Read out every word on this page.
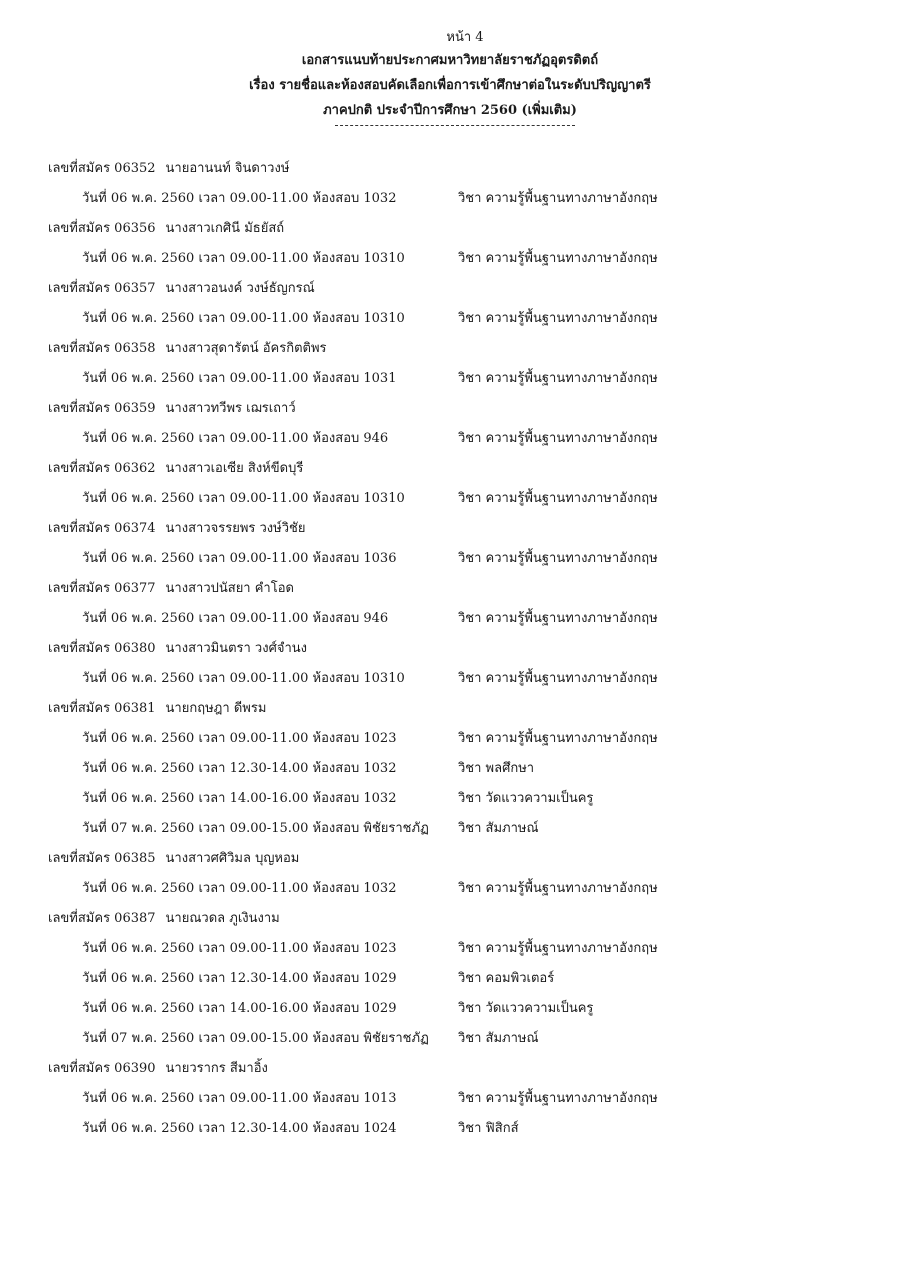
หน้า 4
เอกสารแนบท้ายประกาศมหาวิทยาลัยราชภัฏอุตรดิตถ์
เรื่อง รายชื่อและห้องสอบคัดเลือกเพื่อการเข้าศึกษาต่อในระดับปริญญาตรี
ภาคปกติ ประจำปีการศึกษา 2560 (เพิ่มเติม)
เลขที่สมัคร 06352 นายอานนท์ จินดาวงษ์
วันที่ 06 พ.ค. 2560 เวลา 09.00-11.00 ห้องสอบ 1032	วิชา ความรู้พื้นฐานทางภาษาอังกฤษ
เลขที่สมัคร 06356 นางสาวเกศินี มัธยัสถ์
วันที่ 06 พ.ค. 2560 เวลา 09.00-11.00 ห้องสอบ 10310	วิชา ความรู้พื้นฐานทางภาษาอังกฤษ
เลขที่สมัคร 06357 นางสาวอนงค์ วงษ์ธัญกรณ์
วันที่ 06 พ.ค. 2560 เวลา 09.00-11.00 ห้องสอบ 10310	วิชา ความรู้พื้นฐานทางภาษาอังกฤษ
เลขที่สมัคร 06358 นางสาวสุดารัตน์ อัครกิตติพร
วันที่ 06 พ.ค. 2560 เวลา 09.00-11.00 ห้องสอบ 1031	วิชา ความรู้พื้นฐานทางภาษาอังกฤษ
เลขที่สมัคร 06359 นางสาวทวีพร เฌรเถาว์
วันที่ 06 พ.ค. 2560 เวลา 09.00-11.00 ห้องสอบ 946	วิชา ความรู้พื้นฐานทางภาษาอังกฤษ
เลขที่สมัคร 06362 นางสาวเอเซีย สิงห์ขีดบุรี
วันที่ 06 พ.ค. 2560 เวลา 09.00-11.00 ห้องสอบ 10310	วิชา ความรู้พื้นฐานทางภาษาอังกฤษ
เลขที่สมัคร 06374 นางสาวจรรยพร วงษ์วิชัย
วันที่ 06 พ.ค. 2560 เวลา 09.00-11.00 ห้องสอบ 1036	วิชา ความรู้พื้นฐานทางภาษาอังกฤษ
เลขที่สมัคร 06377 นางสาวปนัสยา คำโอด
วันที่ 06 พ.ค. 2560 เวลา 09.00-11.00 ห้องสอบ 946	วิชา ความรู้พื้นฐานทางภาษาอังกฤษ
เลขที่สมัคร 06380 นางสาวมินตรา วงศ์จำนง
วันที่ 06 พ.ค. 2560 เวลา 09.00-11.00 ห้องสอบ 10310	วิชา ความรู้พื้นฐานทางภาษาอังกฤษ
เลขที่สมัคร 06381 นายกฤษฎา ดีพรม
วันที่ 06 พ.ค. 2560 เวลา 09.00-11.00 ห้องสอบ 1023	วิชา ความรู้พื้นฐานทางภาษาอังกฤษ
วันที่ 06 พ.ค. 2560 เวลา 12.30-14.00 ห้องสอบ 1032	วิชา พลศึกษา
วันที่ 06 พ.ค. 2560 เวลา 14.00-16.00 ห้องสอบ 1032	วิชา วัดแววความเป็นครู
วันที่ 07 พ.ค. 2560 เวลา 09.00-15.00 ห้องสอบ พิชัยราชภัฏ วิชา สัมภาษณ์
เลขที่สมัคร 06385 นางสาวศศิวิมล บุญหอม
วันที่ 06 พ.ค. 2560 เวลา 09.00-11.00 ห้องสอบ 1032	วิชา ความรู้พื้นฐานทางภาษาอังกฤษ
เลขที่สมัคร 06387 นายณวดล ภูเงินงาม
วันที่ 06 พ.ค. 2560 เวลา 09.00-11.00 ห้องสอบ 1023	วิชา ความรู้พื้นฐานทางภาษาอังกฤษ
วันที่ 06 พ.ค. 2560 เวลา 12.30-14.00 ห้องสอบ 1029	วิชา คอมพิวเตอร์
วันที่ 06 พ.ค. 2560 เวลา 14.00-16.00 ห้องสอบ 1029	วิชา วัดแววความเป็นครู
วันที่ 07 พ.ค. 2560 เวลา 09.00-15.00 ห้องสอบ พิชัยราชภัฏ วิชา สัมภาษณ์
เลขที่สมัคร 06390 นายวรากร สีมาอิ้ง
วันที่ 06 พ.ค. 2560 เวลา 09.00-11.00 ห้องสอบ 1013	วิชา ความรู้พื้นฐานทางภาษาอังกฤษ
วันที่ 06 พ.ค. 2560 เวลา 12.30-14.00 ห้องสอบ 1024	วิชา ฟิสิกส์
